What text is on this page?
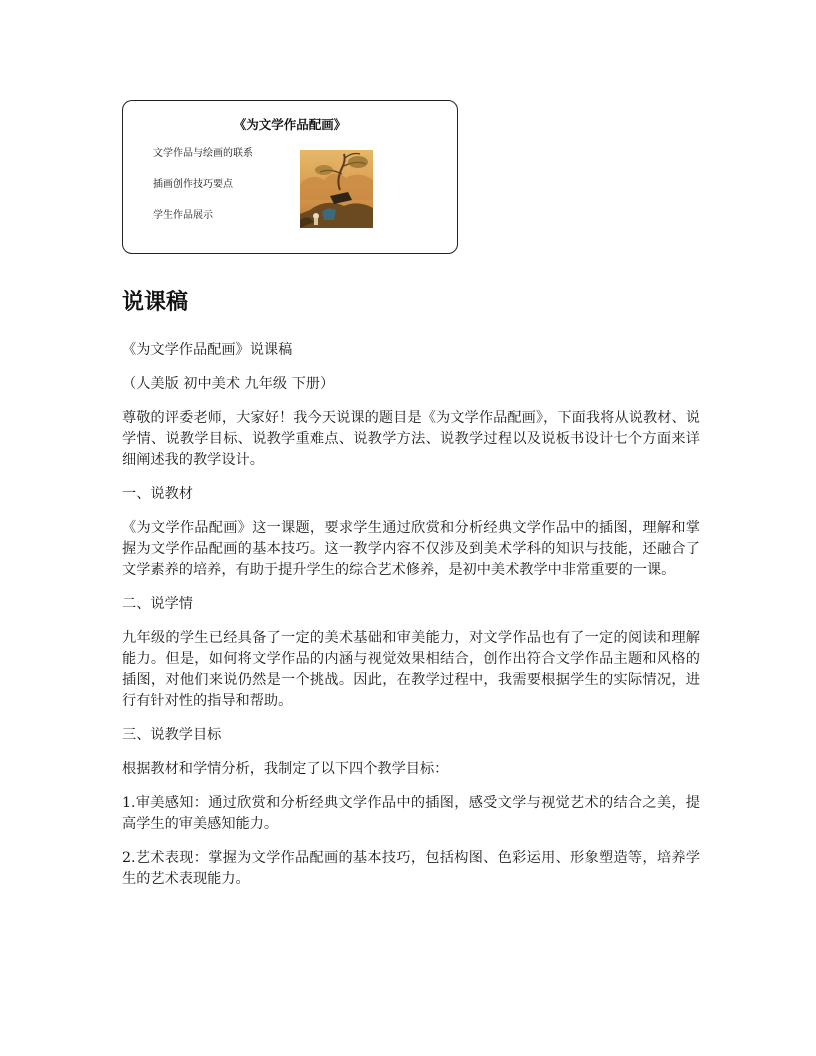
《为文学作品配画》
文学作品与绘画的联系
插画创作技巧要点
学生作品展示
说课稿

《为文学作品配画》说课稿

（人美版 初中美术 九年级 下册）

尊敬的评委老师，大家好！我今天说课的题目是《为文学作品配画》，下面我将从说教材、说学情、说教学目标、说教学重难点、说教学方法、说教学过程以及说板书设计七个方面来详细阐述我的教学设计。

一、说教材

《为文学作品配画》这一课题，要求学生通过欣赏和分析经典文学作品中的插图，理解和掌握为文学作品配画的基本技巧。这一教学内容不仅涉及到美术学科的知识与技能，还融合了文学素养的培养，有助于提升学生的综合艺术修养，是初中美术教学中非常重要的一课。

二、说学情

九年级的学生已经具备了一定的美术基础和审美能力，对文学作品也有了一定的阅读和理解能力。但是，如何将文学作品的内涵与视觉效果相结合，创作出符合文学作品主题和风格的插图，对他们来说仍然是一个挑战。因此，在教学过程中，我需要根据学生的实际情况，进行有针对性的指导和帮助。

三、说教学目标

根据教材和学情分析，我制定了以下四个教学目标：

1.审美感知：通过欣赏和分析经典文学作品中的插图，感受文学与视觉艺术的结合之美，提高学生的审美感知能力。

2.艺术表现：掌握为文学作品配画的基本技巧，包括构图、色彩运用、形象塑造等，培养学生的艺术表现能力。
